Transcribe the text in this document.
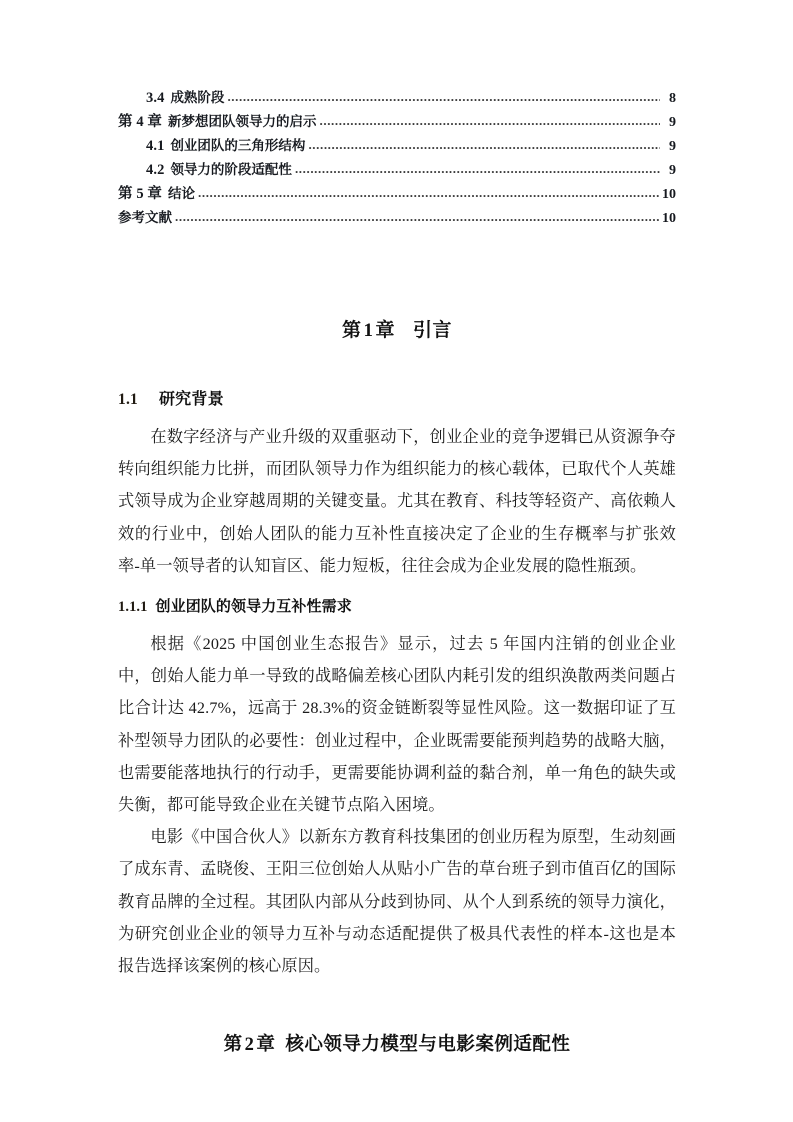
3.4 成熟阶段 .....	8
第 4 章 新梦想团队领导力的启示 .....	9
4.1 创业团队的三角形结构 .....	9
4.2 领导力的阶段适配性 .....	9
第 5 章 结论 .....	10
参考文献 .....	10
第 1 章 引言
1.1 研究背景

在数字经济与产业升级的双重驱动下，创业企业的竞争逻辑已从资源争夺转向组织能力比拼，而团队领导力作为组织能力的核心载体，已取代个人英雄式领导成为企业穿越周期的关键变量。尤其在教育、科技等轻资产、高依赖人效的行业中，创始人团队的能力互补性直接决定了企业的生存概率与扩张效率-单一领导者的认知盲区、能力短板，往往会成为企业发展的隐性瓶颈。

1.1.1 创业团队的领导力互补性需求

根据《2025 中国创业生态报告》显示，过去 5 年国内注销的创业企业中，创始人能力单一导致的战略偏差核心团队内耗引发的组织涣散两类问题占比合计达 42.7%，远高于 28.3%的资金链断裂等显性风险。这一数据印证了互补型领导力团队的必要性：创业过程中，企业既需要能预判趋势的战略大脑，也需要能落地执行的行动手，更需要能协调利益的黏合剂，单一角色的缺失或失衡，都可能导致企业在关键节点陷入困境。

电影《中国合伙人》以新东方教育科技集团的创业历程为原型，生动刻画了成东青、孟晓俊、王阳三位创始人从贴小广告的草台班子到市值百亿的国际教育品牌的全过程。其团队内部从分歧到协同、从个人到系统的领导力演化，为研究创业企业的领导力互补与动态适配提供了极具代表性的样本-这也是本报告选择该案例的核心原因。

第 2 章 核心领导力模型与电影案例适配性
